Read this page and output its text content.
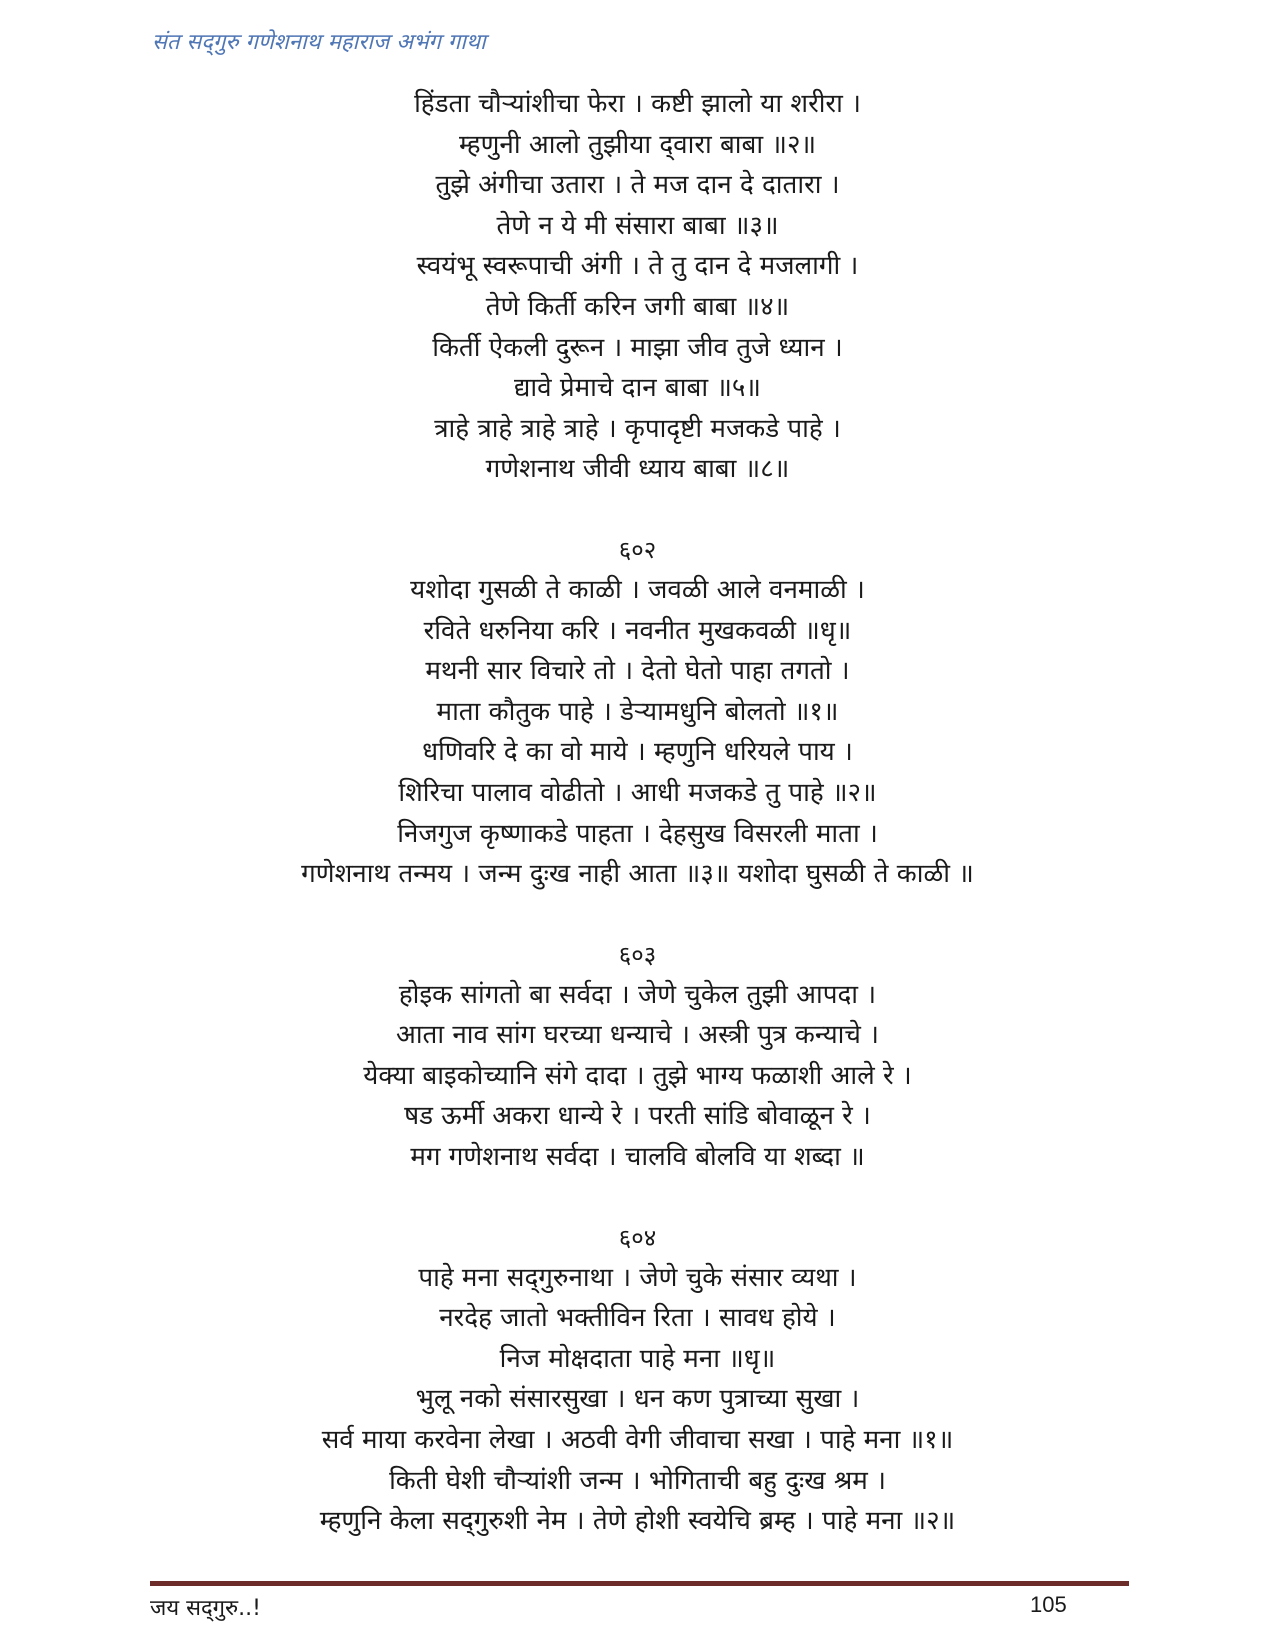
संत सद्‌गुरु गणेशनाथ महाराज अभंग गाथा
हिंडता चौऱ्यांशीचा फेरा । कष्टी झालो या शरीरा ।
म्हणुनी आलो तुझीया द्‌वारा बाबा ॥२॥
तुझे अंगीचा उतारा । ते मज दान दे दातारा ।
तेणे न ये मी संसारा बाबा ॥३॥
स्वयंभू स्वरूपाची अंगी । ते तु दान दे मजलागी ।
तेणे किर्ती करिन जगी बाबा ॥४॥
किर्ती ऐकली दुरून । माझा जीव तुजे ध्यान ।
द्यावे प्रेमाचे दान बाबा ॥५॥
त्राहे त्राहे त्राहे त्राहे । कृपादृष्टी मजकडे पाहे ।
गणेशनाथ जीवी ध्याय बाबा ॥८॥
६०२
यशोदा गुसळी ते काळी । जवळी आले वनमाळी ।
रविते धरुनिया करि । नवनीत मुखकवळी ॥धृ॥
मथनी सार विचारे तो । देतो घेतो पाहा तगतो ।
माता कौतुक पाहे । डेऱ्यामधुनि बोलतो ॥१॥
धणिवरि दे का वो माये । म्हणुनि धरियले पाय ।
शिरिचा पालाव वोढीतो । आधी मजकडे तु पाहे ॥२॥
निजगुज कृष्णाकडे पाहता । देहसुख विसरली माता ।
गणेशनाथ तन्मय । जन्म दुःख नाही आता ॥३॥ यशोदा घुसळी ते काळी ॥
६०३
होइक सांगतो बा सर्वदा । जेणे चुकेल तुझी आपदा ।
आता नाव सांग घरच्या धन्याचे । अस्त्री पुत्र कन्याचे ।
येक्या बाइकोच्यानि संगे दादा । तुझे भाग्य फळाशी आले रे ।
षड ऊर्मी अकरा धान्ये रे । परती सांडि बोवाळून रे ।
मग गणेशनाथ सर्वदा । चालवि बोलवि या शब्दा ॥
६०४
पाहे मना सद्‌गुरुनाथा । जेणे चुके संसार व्यथा ।
नरदेह जातो भक्तीविन रिता । सावध होये ।
निज मोक्षदाता पाहे मना ॥धृ॥
भुलू नको संसारसुखा । धन कण पुत्राच्या सुखा ।
सर्व माया करवेना लेखा । अठवी वेगी जीवाचा सखा । पाहे मना ॥१॥
किती घेशी चौऱ्यांशी जन्म । भोगिताची बहु दुःख श्रम ।
म्हणुनि केला सद्‌गुरुशी नेम । तेणे होशी स्वयेचि ब्रम्ह । पाहे मना ॥२॥
जय सद्‌गुरु..!	105
